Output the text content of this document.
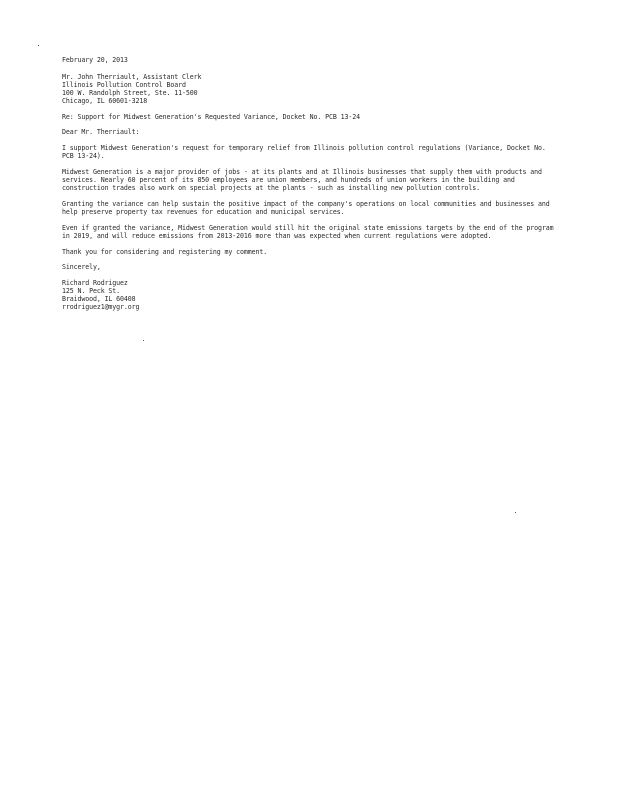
February 20, 2013
Mr. John Therriault, Assistant Clerk
Illinois Pollution Control Board
100 W. Randolph Street, Ste. 11-500
Chicago, IL 60601-3218
Re: Support for Midwest Generation's Requested Variance, Docket No. PCB 13-24
Dear Mr. Therriault:
I support Midwest Generation's request for temporary relief from Illinois pollution control regulations (Variance, Docket No. PCB 13-24).
Midwest Generation is a major provider of jobs - at its plants and at Illinois businesses that supply them with products and services. Nearly 60 percent of its 850 employees are union members, and hundreds of union workers in the building and construction trades also work on special projects at the plants - such as installing new pollution controls.
Granting the variance can help sustain the positive impact of the company's operations on local communities and businesses and help preserve property tax revenues for education and municipal services.
Even if granted the variance, Midwest Generation would still hit the original state emissions targets by the end of the program in 2019, and will reduce emissions from 2013-2016 more than was expected when current regulations were adopted.
Thank you for considering and registering my comment.
Sincerely,
Richard Rodriguez
125 N. Peck St.
Braidwood, IL 60408
rrodriguez1@mygr.org
